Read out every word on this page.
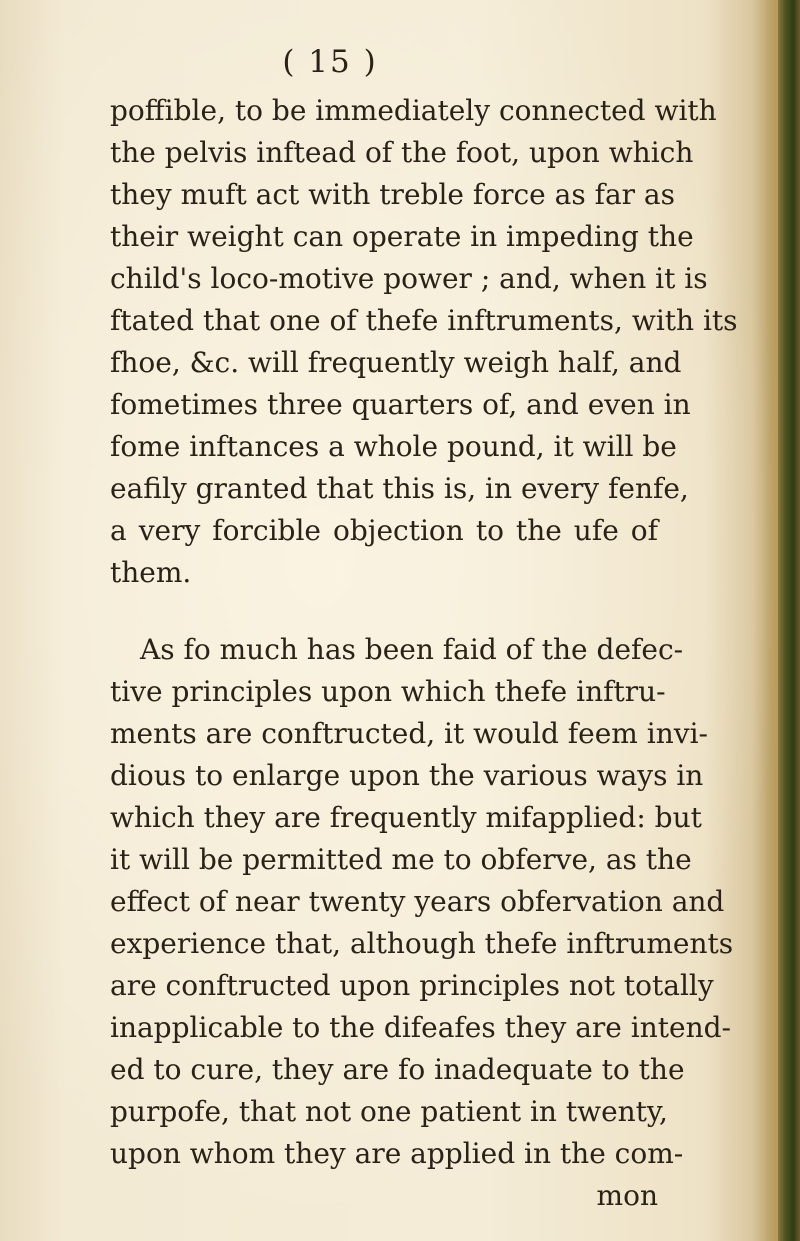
( 15 )
poffible, to be immediately connected with
the pelvis inftead of the foot, upon which
they muft act with treble force as far as
their weight can operate in impeding the
child's loco-motive power ; and, when it is
ftated that one of thefe inftruments, with its
fhoe, &c. will frequently weigh half, and
fometimes three quarters of, and even in
fome inftances a whole pound, it will be
eafily granted that this is, in every fenfe,
a very forcible objection to the ufe of
them.
As fo much has been faid of the defec-
tive principles upon which thefe inftru-
ments are conftructed, it would feem invi-
dious to enlarge upon the various ways in
which they are frequently mifapplied: but
it will be permitted me to obferve, as the
effect of near twenty years obfervation and
experience that, although thefe inftruments
are conftructed upon principles not totally
inapplicable to the difeafes they are intend-
ed to cure, they are fo inadequate to the
purpofe, that not one patient in twenty,
upon whom they are applied in the com-
mon
